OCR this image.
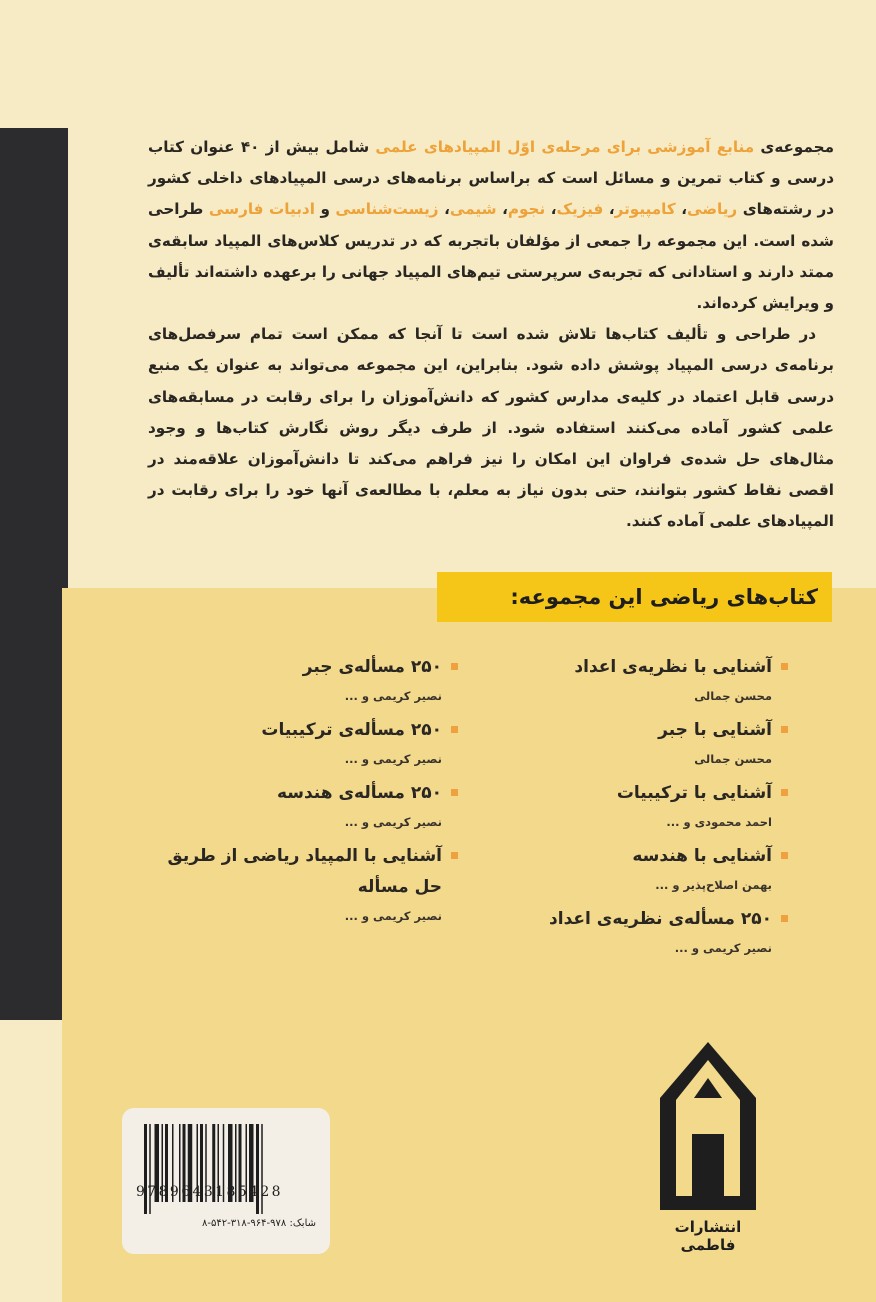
مجموعه‌ی منابع آموزشی برای مرحله‌ی اوّل المپیادهای علمی شامل بیش از ۴۰ عنوان کتاب درسی و کتاب تمرین و مسائل است که براساس برنامه‌های درسی المپیادهای داخلی کشور در رشته‌های ریاضی، کامپیوتر، فیزیک، نجوم، شیمی، زیست‌شناسی و ادبیات فارسی طراحی شده است. این مجموعه را جمعی از مؤلفان باتجربه که در تدریس کلاس‌های المپیاد سابقه‌ی ممتد دارند و استادانی که تجربه‌ی سرپرستی تیم‌های المپیاد جهانی را برعهده داشته‌اند تألیف و ویرایش کرده‌اند.

در طراحی و تألیف کتاب‌ها تلاش شده است تا آنجا که ممکن است تمام سرفصل‌های برنامه‌ی درسی المپیاد پوشش داده شود. بنابراین، این مجموعه می‌تواند به عنوان یک منبع درسی قابل اعتماد در کلیه‌ی مدارس کشور که دانش‌آموزان را برای رقابت در مسابقه‌های علمی کشور آماده می‌کنند استفاده شود. از طرف دیگر روش نگارش کتاب‌ها و وجود مثال‌های حل شده‌ی فراوان این امکان را نیز فراهم می‌کند تا دانش‌آموزان علاقه‌مند در اقصی نقاط کشور بتوانند، حتی بدون نیاز به معلم، با مطالعه‌ی آنها خود را برای رقابت در المپیادهای علمی آماده کنند.

کتاب‌های ریاضی این مجموعه:
آشنایی با نظریه‌ی اعداد
محسن جمالی
آشنایی با جبر
محسن جمالی
آشنایی با ترکیبیات
احمد محمودی و ...
آشنایی با هندسه
بهمن اصلاح‌پذیر و ...
۲۵۰ مسأله‌ی نظریه‌ی اعداد
نصیر کریمی و ...
۲۵۰ مسأله‌ی جبر
نصیر کریمی و ...
۲۵۰ مسأله‌ی ترکیبیات
نصیر کریمی و ...
۲۵۰ مسأله‌ی هندسه
نصیر کریمی و ...
آشنایی با المپیاد ریاضی از طریق حل مسأله
نصیر کریمی و ...
9789643185428
شابک: ۹۷۸-۹۶۴-۳۱۸-۵۴۲-۸	انتشارات فاطمی
